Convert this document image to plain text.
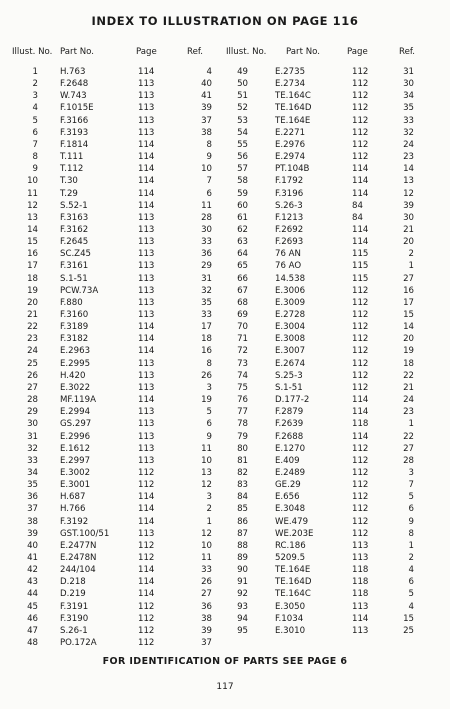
INDEX TO ILLUSTRATION ON PAGE 116
Illust. No. Part No.	Page	Ref.	Illust. No. Part No.	Page	Ref.
1	H.763	114	4
2	F.2648	113	40
3	W.743	113	41
4	F.1015E	113	39
5	F.3166	113	37
6	F.3193	113	38
7	F.1814	114	8
8	T.111	114	9
9	T.112	114	10
10	T.30	114	7
11	T.29	114	6
12	S.52-1	114	11
13	F.3163	113	28
14	F.3162	113	30
15	F.2645	113	33
16	SC.Z45	113	36
17	F.3161	113	29
18	S.1-51	113	31
19	PCW.73A	113	32
20	F.880	113	35
21	F.3160	113	33
22	F.3189	114	17
23	F.3182	114	18
24	E.2963	114	16
25	E.2995	113	8
26	H.420	113	26
27	E.3022	113	3
28	MF.119A	114	19
29	E.2994	113	5
30	GS.297	113	6
31	E.2996	113	9
32	E.1612	113	11
33	E.2997	113	10
34	E.3002	112	13
35	E.3001	112	12
36	H.687	114	3
37	H.766	114	2
38	F.3192	114	1
39	GST.100/51	113	12
40	E.2477N	112	10
41	E.2478N	112	11
42	244/104	114	33
43	D.218	114	26
44	D.219	114	27
45	F.3191	112	36
46	F.3190	112	38
47	S.26-1	112	39
48	PO.172A	112	37
49	E.2735	112	31
50	E.2734	112	30
51	TE.164C	112	34
52	TE.164D	112	35
53	TE.164E	112	33
54	E.2271	112	32
55	E.2976	112	24
56	E.2974	112	23
57	PT.104B	114	14
58	F.1792	114	13
59	F.3196	114	12
60	S.26-3	84	39
61	F.1213	84	30
62	F.2692	114	21
63	F.2693	114	20
64	76 AN	115	2
65	76 AO	115	1
66	14.538	115	27
67	E.3006	112	16
68	E.3009	112	17
69	E.2728	112	15
70	E.3004	112	14
71	E.3008	112	20
72	E.3007	112	19
73	E.2674	112	18
74	S.25-3	112	22
75	S.1-51	112	21
76	D.177-2	114	24
77	F.2879	114	23
78	F.2639	118	1
79	F.2688	114	22
80	E.1270	112	27
81	E.409	112	28
82	E.2489	112	3
83	GE.29	112	7
84	E.656	112	5
85	E.3048	112	6
86	WE.479	112	9
87	WE.203E	112	8
88	RC.186	113	1
89	5209.5	113	2
90	TE.164E	118	4
91	TE.164D	118	6
92	TE.164C	118	5
93	E.3050	113	4
94	F.1034	114	15
95	E.3010	113	25
FOR IDENTIFICATION OF PARTS SEE PAGE 6
117
